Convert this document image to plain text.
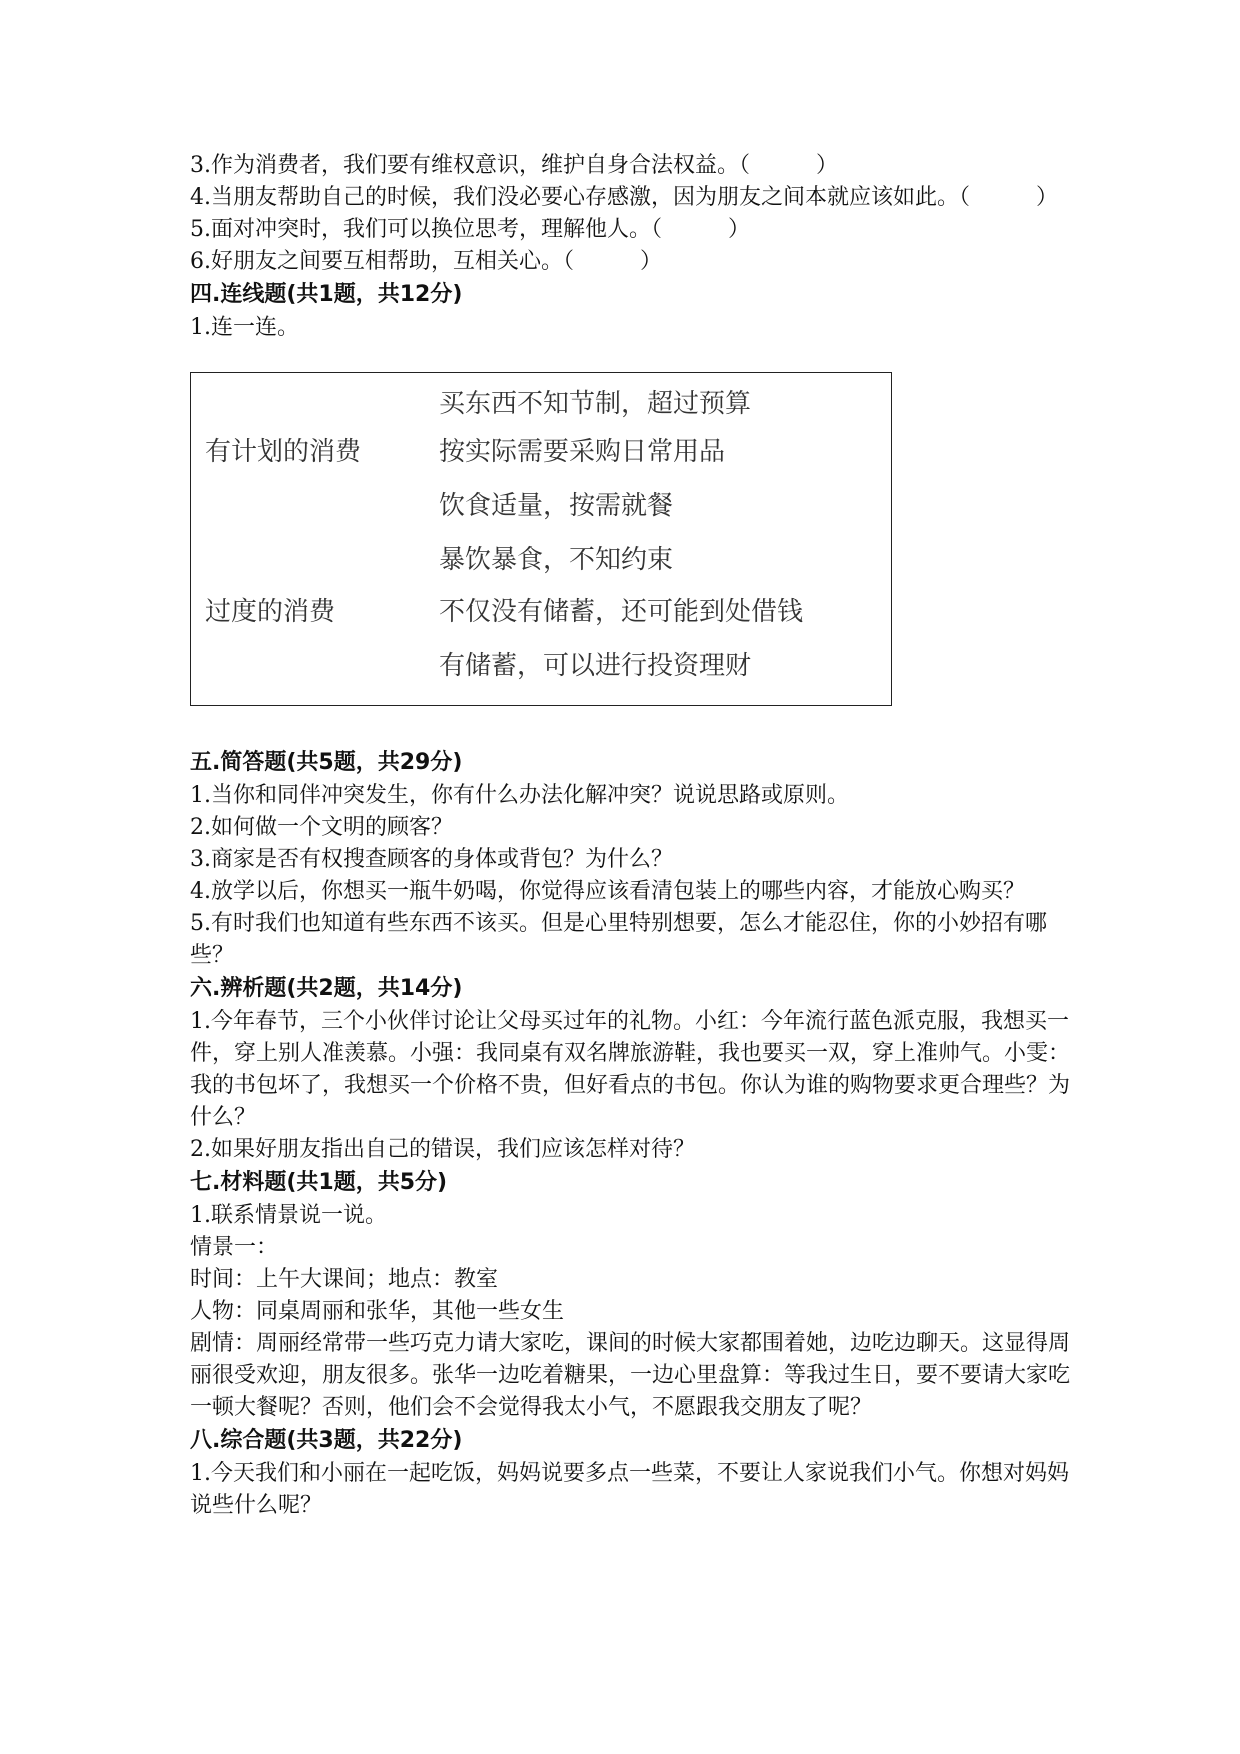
3.作为消费者，我们要有维权意识，维护自身合法权益。（　　　）

4.当朋友帮助自己的时候，我们没必要心存感激，因为朋友之间本就应该如此。（　　　）

5.面对冲突时，我们可以换位思考，理解他人。（　　　）

6.好朋友之间要互相帮助，互相关心。（　　　）

四.连线题(共1题，共12分)

1.连一连。

有计划的消费
过度的消费
买东西不知节制，超过预算
按实际需要采购日常用品
饮食适量，按需就餐
暴饮暴食，不知约束
不仅没有储蓄，还可能到处借钱
有储蓄，可以进行投资理财

五.简答题(共5题，共29分)

1.当你和同伴冲突发生，你有什么办法化解冲突？说说思路或原则。

2.如何做一个文明的顾客？

3.商家是否有权搜查顾客的身体或背包？为什么？

4.放学以后，你想买一瓶牛奶喝，你觉得应该看清包装上的哪些内容，才能放心购买？

5.有时我们也知道有些东西不该买。但是心里特别想要，怎么才能忍住，你的小妙招有哪些？

六.辨析题(共2题，共14分)

1.今年春节，三个小伙伴讨论让父母买过年的礼物。小红：今年流行蓝色派克服，我想买一件，穿上别人准羡慕。小强：我同桌有双名牌旅游鞋，我也要买一双，穿上准帅气。小雯：我的书包坏了，我想买一个价格不贵，但好看点的书包。你认为谁的购物要求更合理些？为什么？

2.如果好朋友指出自己的错误，我们应该怎样对待？

七.材料题(共1题，共5分)

1.联系情景说一说。

情景一：

时间：上午大课间；地点：教室

人物：同桌周丽和张华，其他一些女生

剧情：周丽经常带一些巧克力请大家吃，课间的时候大家都围着她，边吃边聊天。这显得周丽很受欢迎，朋友很多。张华一边吃着糖果，一边心里盘算：等我过生日，要不要请大家吃一顿大餐呢？否则，他们会不会觉得我太小气，不愿跟我交朋友了呢？

八.综合题(共3题，共22分)

1.今天我们和小丽在一起吃饭，妈妈说要多点一些菜，不要让人家说我们小气。你想对妈妈说些什么呢？
